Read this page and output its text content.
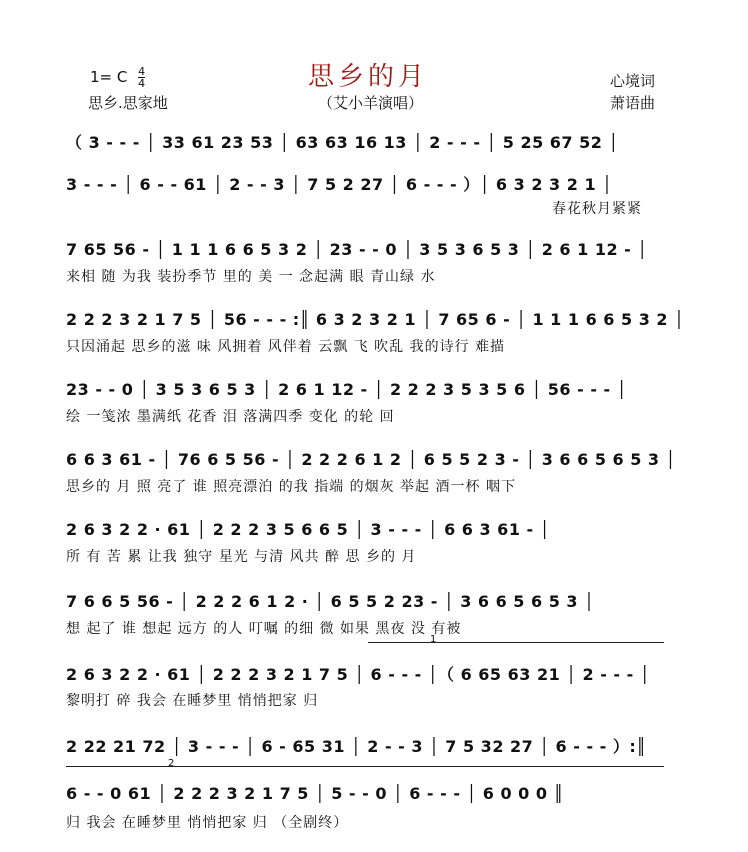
1= C $\frac{4}{4}$	思乡的月
思乡.思家地	（艾小羊演唱）
心境词
萧语曲
（ 3 - - - │ 33 61 23 53 │ 63 63 16 13 │ 2 - - - │ 5 25 67 52 │
3 - - - │ 6 - - 61 │ 2 - - 3 │ 7 5 2 27 │ 6 - - - ）│ 6 3 2 3 2 1 │
春花秋月紧紧
7 65 56 - │ 1 1 1 6 6 5 3 2 │ 23 - - 0 │ 3 5 3 6 5 3 │ 2 6 1 12 - │
来相 随 为我 装扮季节 里的 美 一 念起满 眼 青山绿 水
2 2 2 3 2 1 7 5 │ 56 - - - :║ 6 3 2 3 2 1 │ 7 65 6 - │ 1 1 1 6 6 5 3 2 │
只因涌起 思乡的滋 味 风拥着 风伴着 云飘 飞 吹乱 我的诗行 难描
23 - - 0 │ 3 5 3 6 5 3 │ 2 6 1 12 - │ 2 2 2 3 5 3 5 6 │ 56 - - - │
绘 一笺浓 墨满纸 花香 泪 落满四季 变化 的轮 回
6 6 3 61 - │ 76 6 5 56 - │ 2 2 2 6 1 2 │ 6 5 5 2 3 - │ 3 6 6 5 6 5 3 │
思乡的 月 照 亮了 谁 照亮漂泊 的我 指端 的烟灰 举起 酒一杯 咽下
2 6 3 2 2 · 61 │ 2 2 2 3 5 6 6 5 │ 3 - - - │ 6 6 3 61 - │
所 有 苦 累 让我 独守 星光 与清 风共 醉 思 乡的 月
7 6 6 5 56 - │ 2 2 2 6 1 2 · │ 6 5 5 2 23 - │ 3 6 6 5 6 5 3 │
想 起了 谁 想起 远方 的人 叮嘱 的细 微 如果 黑夜 没 有被
1
2 6 3 2 2 · 61 │ 2 2 2 3 2 1 7 5 │ 6 - - - │（ 6 65 63 21 │ 2 - - - │
黎明打 碎 我会 在睡梦里 悄悄把家 归
2 22 21 72 │ 3 - - - │ 6 - 65 31 │ 2 - - 3 │ 7 5 32 27 │ 6 - - - ）:║
2
6 - - 0 61 │ 2 2 2 3 2 1 7 5 │ 5 - - 0 │ 6 - - - │ 6 0 0 0 ║
归 我会 在睡梦里 悄悄把家 归 （全剧终）
